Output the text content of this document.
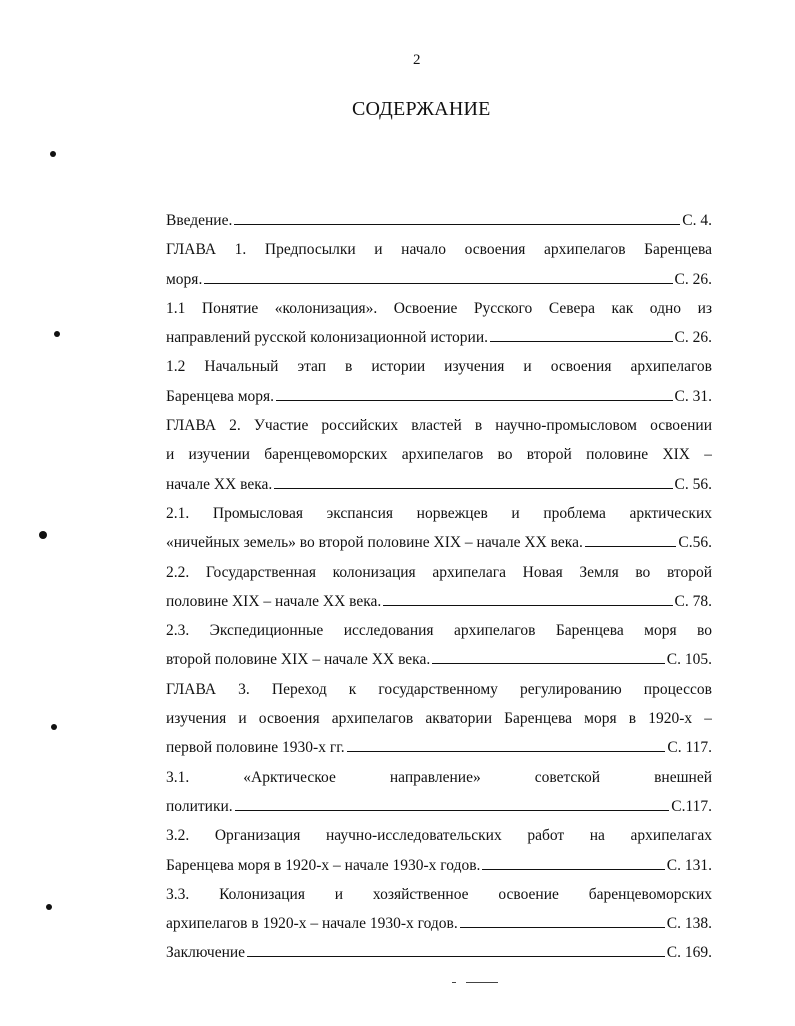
2
СОДЕРЖАНИЕ
Введение.	С. 4.
ГЛАВА 1. Предпосылки и начало освоения архипелагов Баренцева
моря.	С. 26.
1.1 Понятие «колонизация». Освоение Русского Севера как одно из
направлений русской колонизационной истории.	С. 26.
1.2 Начальный этап в истории изучения и освоения архипелагов
Баренцева моря.	С. 31.
ГЛАВА 2. Участие российских властей в научно-промысловом освоении
и изучении баренцевоморских архипелагов во второй половине XIX –
начале XX века.	С. 56.
2.1. Промысловая экспансия норвежцев и проблема арктических
«ничейных земель» во второй половине XIX – начале XX века.	С.56.
2.2. Государственная колонизация архипелага Новая Земля во второй
половине XIX – начале XX века.	С. 78.
2.3. Экспедиционные исследования архипелагов Баренцева моря во
второй половине XIX – начале XX века.	С. 105.
ГЛАВА 3. Переход к государственному регулированию процессов
изучения и освоения архипелагов акватории Баренцева моря в 1920-х –
первой половине 1930-х гг.	С. 117.
3.1. «Арктическое направление» советской внешней
политики.	С.117.
3.2. Организация научно-исследовательских работ на архипелагах
Баренцева моря в 1920-х – начале 1930-х годов.	С. 131.
3.3. Колонизация и хозяйственное освоение баренцевоморских
архипелагов в 1920-х – начале 1930-х годов.	С. 138.
Заключение	С. 169.
